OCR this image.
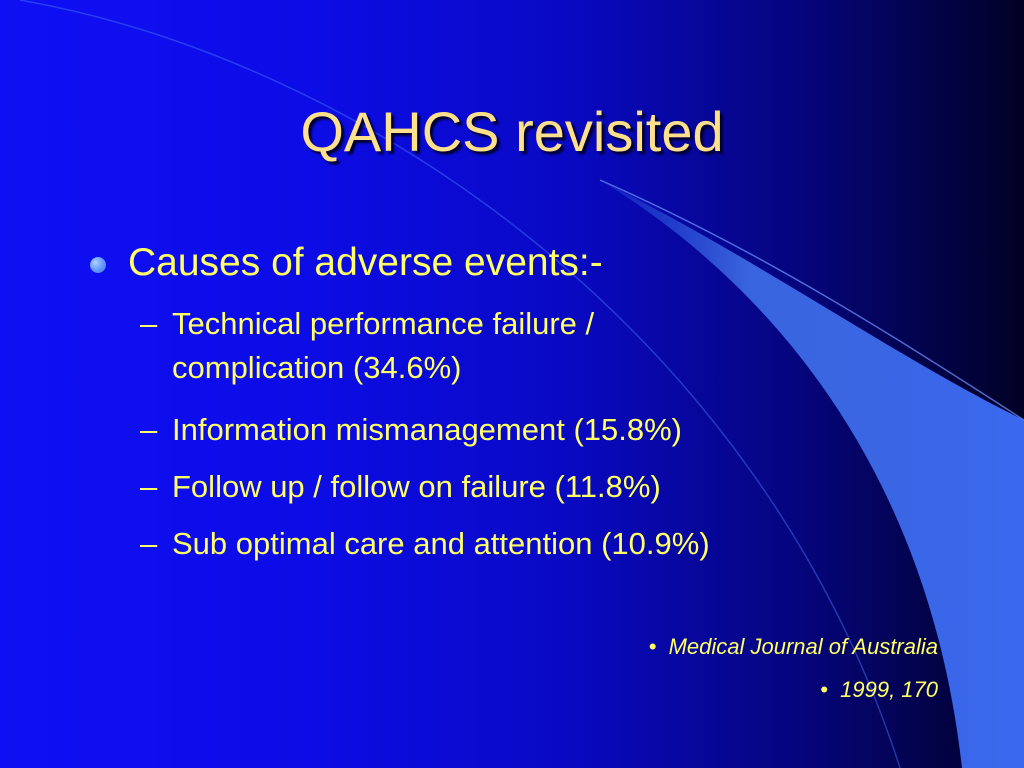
QAHCS revisited
Causes of adverse events:-
– Technical performance failure /
complication (34.6%)
– Information mismanagement (15.8%)
– Follow up / follow on failure (11.8%)
– Sub optimal care and attention (10.9%)
• Medical Journal of Australia
• 1999, 170
